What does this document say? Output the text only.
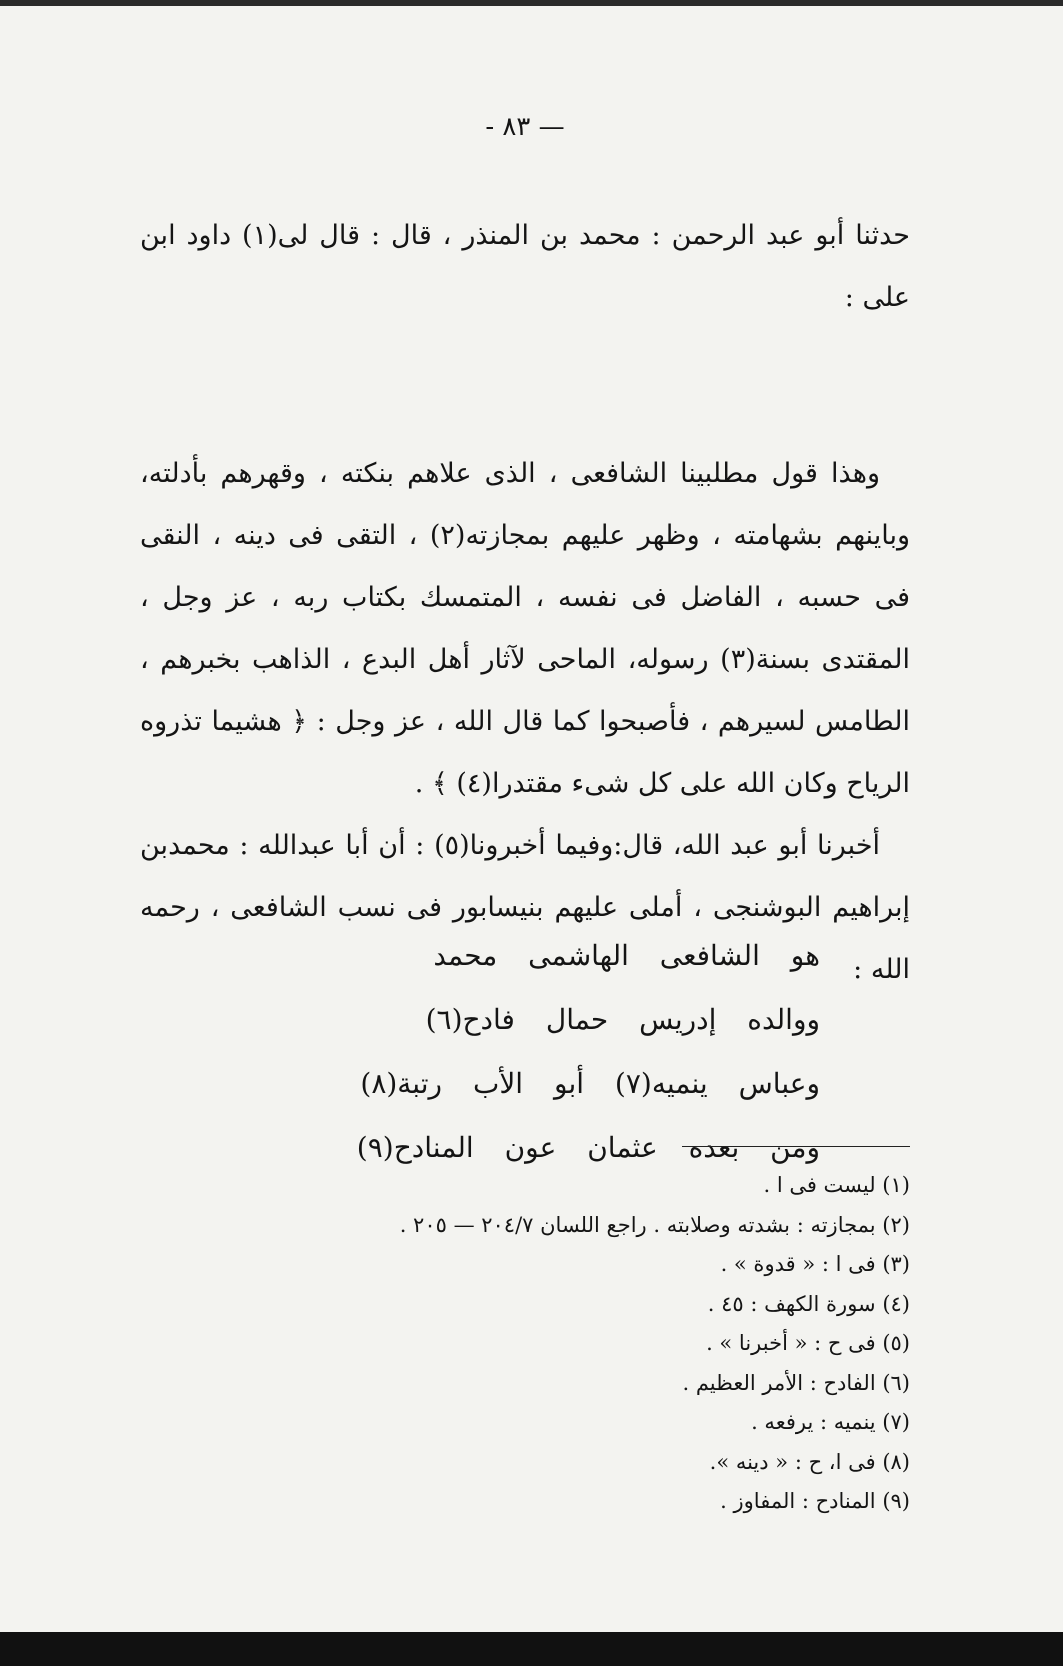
— ٨٣ -

حدثنا أبو عبد الرحمن : محمد بن المنذر ، قال : قال لى(١) داود ابن على :

وهذا قول مطلبينا الشافعى ، الذى علاهم بنكته ، وقهرهم بأدلته، وباينهم بشهامته ، وظهر عليهم بمجازته(٢) ، التقى فى دينه ، النقى فى حسبه ، الفاضل فى نفسه ، المتمسك بكتاب ربه ، عز وجل ، المقتدى بسنة(٣) رسوله، الماحى لآثار أهل البدع ، الذاهب بخبرهم ، الطامس لسيرهم ، فأصبحوا كما قال الله ، عز وجل : ﴿ هشيما تذروه الرياح وكان الله على كل شىء مقتدرا(٤) ﴾ .

أخبرنا أبو عبد الله، قال:وفيما أخبرونا(٥) : أن أبا عبدالله : محمدبن إبراهيم البوشنجى ، أملى عليهم بنيسابور فى نسب الشافعى ، رحمه الله :

هو الشافعى الهاشمى محمد
ووالده إدريس حمال فادح(٦)
وعباس ينميه(٧) أبو الأب رتبة(٨)
ومن بعده عثمان عون المنادح(٩)
(١) ليست فى ا .
(٢) بمجازته : بشدته وصلابته . راجع اللسان ٢٠٤/٧ — ٢٠٥ .
(٣) فى ا : « قدوة » .
(٤) سورة الكهف : ٤٥ .
(٥) فى ح : « أخبرنا » .
(٦) الفادح : الأمر العظيم .
(٧) ينميه : يرفعه .
(٨) فى ا، ح : « دينه ».
(٩) المنادح : المفاوز .
